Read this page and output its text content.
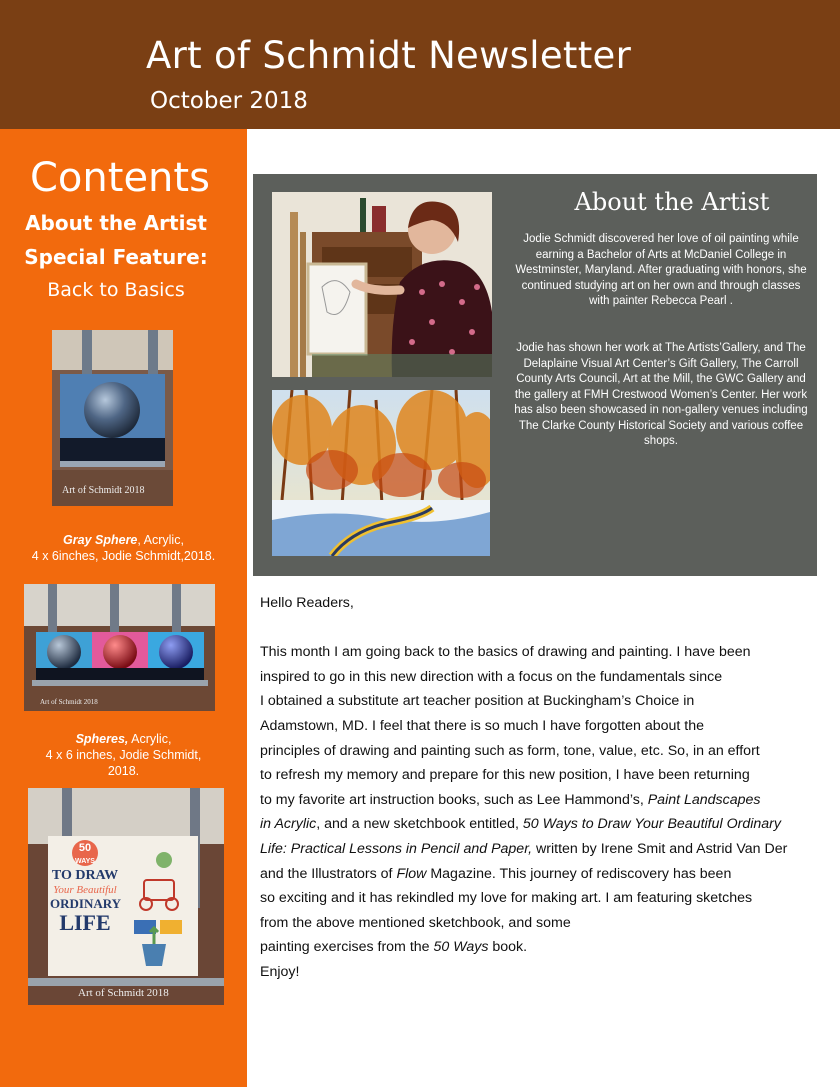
Art of Schmidt Newsletter
October 2018
Contents
About the Artist
Special Feature:
Back to Basics
Art of Schmidt 2018
Gray Sphere, Acrylic,
4 x 6inches, Jodie Schmidt,2018.
Art of Schmidt 2018
Spheres, Acrylic,
4 x 6 inches, Jodie Schmidt,
2018.
50
WAYS
TO DRAW
Your Beautiful
ORDINARY
LIFE
Art of Schmidt 2018
About the Artist
Jodie Schmidt discovered her love of oil painting while earning a Bachelor of Arts at McDaniel College in Westminster, Maryland. After graduating with honors, she continued studying art on her own and through classes with painter Rebecca Pearl .
Jodie has shown her work at The Artists’Gallery, and The Delaplaine Visual Art Center’s Gift Gallery, The Carroll County Arts Council, Art at the Mill, the GWC Gallery and the gallery at FMH Crestwood Women’s Center. Her work has also been showcased in non-gallery venues including The Clarke County Historical Society and various coffee shops.

Hello Readers,

This month I am going back to the basics of drawing and painting. I have been
inspired to go in this new direction with a focus on the fundamentals since
I obtained a substitute art teacher position at Buckingham’s Choice in
Adamstown, MD. I feel that there is so much I have forgotten about the
principles of drawing and painting such as form, tone, value, etc. So, in an effort
to refresh my memory and prepare for this new position, I have been returning
to my favorite art instruction books, such as Lee Hammond’s, Paint Landscapes
in Acrylic, and a new sketchbook entitled, 50 Ways to Draw Your Beautiful Ordinary
Life: Practical Lessons in Pencil and Paper, written by Irene Smit and Astrid Van Der
and the Illustrators of Flow Magazine. This journey of rediscovery has been
so exciting and it has rekindled my love for making art. I am featuring sketches
from the above mentioned sketchbook, and some
painting exercises from the 50 Ways book.
Enjoy!
